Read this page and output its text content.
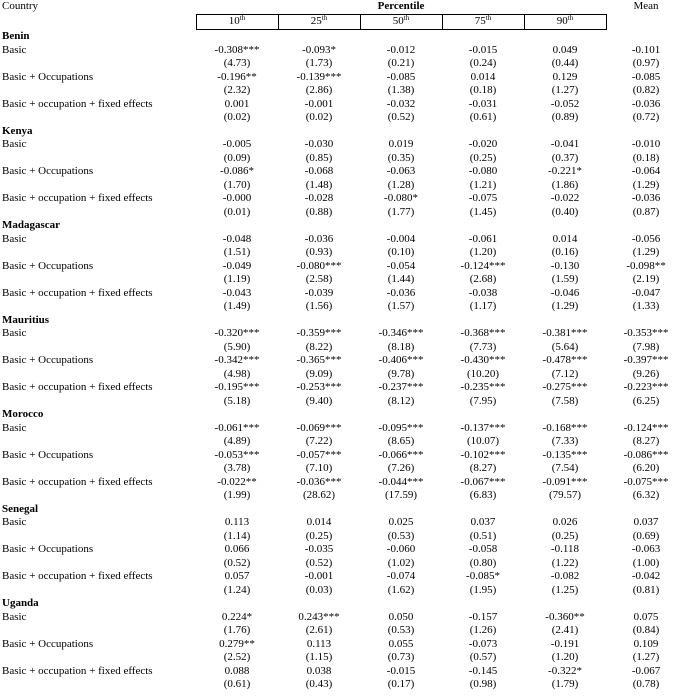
Country	Percentile					Mean
	10th	25th	50th	75th	90th	
Benin						
Basic	-0.308***	-0.093*	-0.012	-0.015	0.049	-0.101
	(4.73)	(1.73)	(0.21)	(0.24)	(0.44)	(0.97)
Basic + Occupations	-0.196**	-0.139***	-0.085	0.014	0.129	-0.085
	(2.32)	(2.86)	(1.38)	(0.18)	(1.27)	(0.82)
Basic + occupation + fixed effects	0.001	-0.001	-0.032	-0.031	-0.052	-0.036
	(0.02)	(0.02)	(0.52)	(0.61)	(0.89)	(0.72)
Kenya						
Basic	-0.005	-0.030	0.019	-0.020	-0.041	-0.010
	(0.09)	(0.85)	(0.35)	(0.25)	(0.37)	(0.18)
Basic + Occupations	-0.086*	-0.068	-0.063	-0.080	-0.221*	-0.064
	(1.70)	(1.48)	(1.28)	(1.21)	(1.86)	(1.29)
Basic + occupation + fixed effects	-0.000	-0.028	-0.080*	-0.075	-0.022	-0.036
	(0.01)	(0.88)	(1.77)	(1.45)	(0.40)	(0.87)
Madagascar						
Basic	-0.048	-0.036	-0.004	-0.061	0.014	-0.056
	(1.51)	(0.93)	(0.10)	(1.20)	(0.16)	(1.29)
Basic + Occupations	-0.049	-0.080***	-0.054	-0.124***	-0.130	-0.098**
	(1.19)	(2.58)	(1.44)	(2.68)	(1.59)	(2.19)
Basic + occupation + fixed effects	-0.043	-0.039	-0.036	-0.038	-0.046	-0.047
	(1.49)	(1.56)	(1.57)	(1.17)	(1.29)	(1.33)
Mauritius						
Basic	-0.320***	-0.359***	-0.346***	-0.368***	-0.381***	-0.353***
	(5.90)	(8.22)	(8.18)	(7.73)	(5.64)	(7.98)
Basic + Occupations	-0.342***	-0.365***	-0.406***	-0.430***	-0.478***	-0.397***
	(4.98)	(9.09)	(9.78)	(10.20)	(7.12)	(9.26)
Basic + occupation + fixed effects	-0.195***	-0.253***	-0.237***	-0.235***	-0.275***	-0.223***
	(5.18)	(9.40)	(8.12)	(7.95)	(7.58)	(6.25)
Morocco						
Basic	-0.061***	-0.069***	-0.095***	-0.137***	-0.168***	-0.124***
	(4.89)	(7.22)	(8.65)	(10.07)	(7.33)	(8.27)
Basic + Occupations	-0.053***	-0.057***	-0.066***	-0.102***	-0.135***	-0.086***
	(3.78)	(7.10)	(7.26)	(8.27)	(7.54)	(6.20)
Basic + occupation + fixed effects	-0.022**	-0.036***	-0.044***	-0.067***	-0.091***	-0.075***
	(1.99)	(28.62)	(17.59)	(6.83)	(79.57)	(6.32)
Senegal						
Basic	0.113	0.014	0.025	0.037	0.026	0.037
	(1.14)	(0.25)	(0.53)	(0.51)	(0.25)	(0.69)
Basic + Occupations	0.066	-0.035	-0.060	-0.058	-0.118	-0.063
	(0.52)	(0.52)	(1.02)	(0.80)	(1.22)	(1.00)
Basic + occupation + fixed effects	0.057	-0.001	-0.074	-0.085*	-0.082	-0.042
	(1.24)	(0.03)	(1.62)	(1.95)	(1.25)	(0.81)
Uganda						
Basic	0.224*	0.243***	0.050	-0.157	-0.360**	0.075
	(1.76)	(2.61)	(0.53)	(1.26)	(2.41)	(0.84)
Basic + Occupations	0.279**	0.113	0.055	-0.073	-0.191	0.109
	(2.52)	(1.15)	(0.73)	(0.57)	(1.20)	(1.27)
Basic + occupation + fixed effects	0.088	0.038	-0.015	-0.145	-0.322*	-0.067
	(0.61)	(0.43)	(0.17)	(0.98)	(1.79)	(0.78)
